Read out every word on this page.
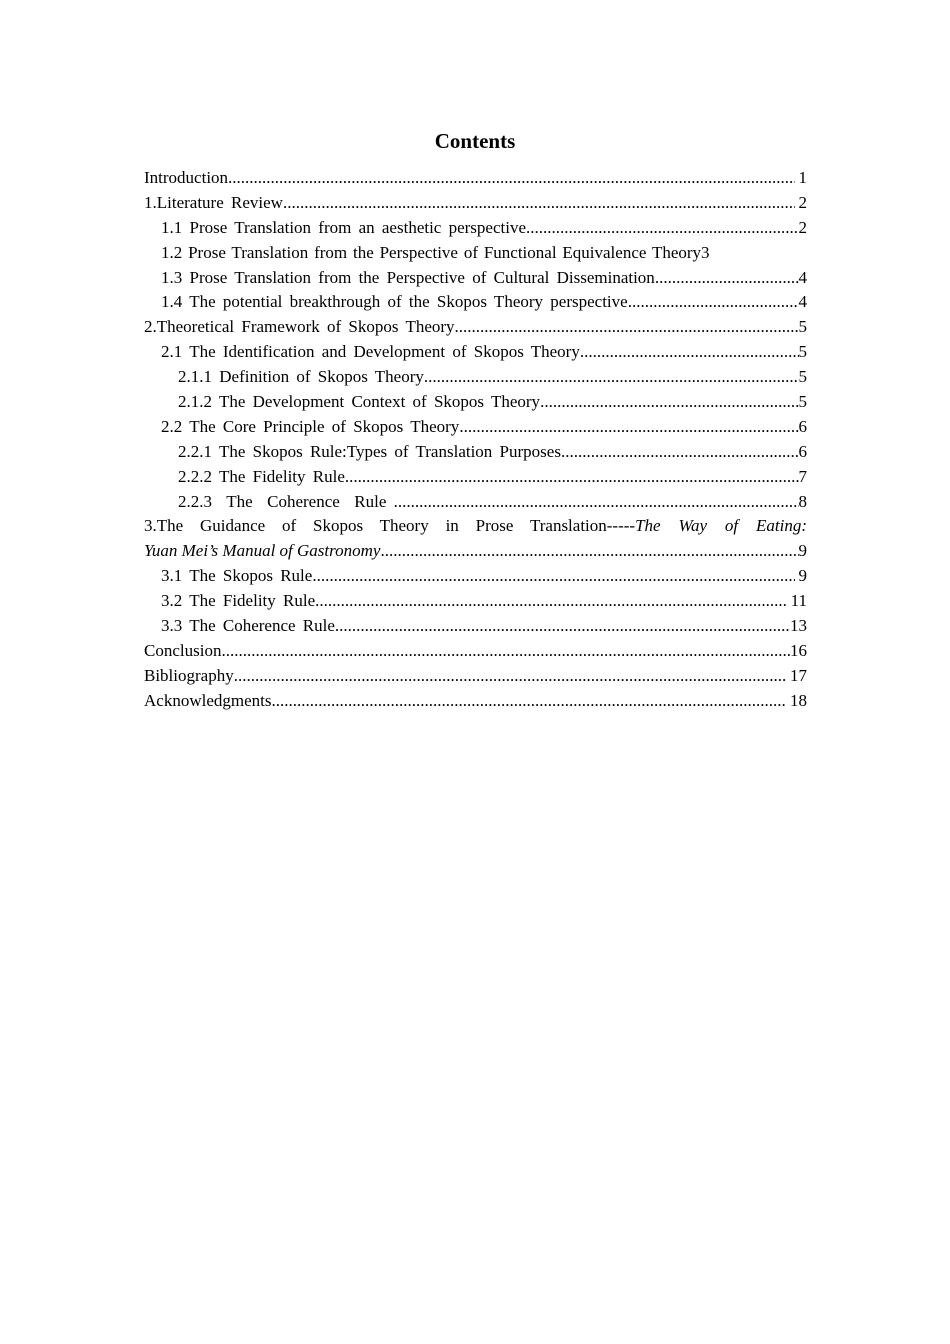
Contents
Introduction .....	1
1.Literature Review .....	2
1.1 Prose Translation from an aesthetic perspective .....	2
1.2 Prose Translation from the Perspective of Functional Equivalence Theory 3
1.3 Prose Translation from the Perspective of Cultural Dissemination .....	4
1.4 The potential breakthrough of the Skopos Theory perspective .....	4
2.Theoretical Framework of Skopos Theory .....	5
2.1 The Identification and Development of Skopos Theory .....	5
2.1.1 Definition of Skopos Theory .....	5
2.1.2 The Development Context of Skopos Theory .....	5
2.2 The Core Principle of Skopos Theory .....	6
2.2.1 The Skopos Rule:Types of Translation Purposes .....	6
2.2.2 The Fidelity Rule .....	7
2.2.3  The  Coherence  Rule .....	8
3.The Guidance of Skopos Theory in Prose Translation-----The Way of Eating:
Yuan Mei’s Manual of Gastronomy .....	9
3.1 The Skopos Rule .....	9
3.2 The Fidelity Rule .....	11
3.3 The Coherence Rule .....	13
Conclusion .....	16
Bibliography .....	17
Acknowledgments .....	18
